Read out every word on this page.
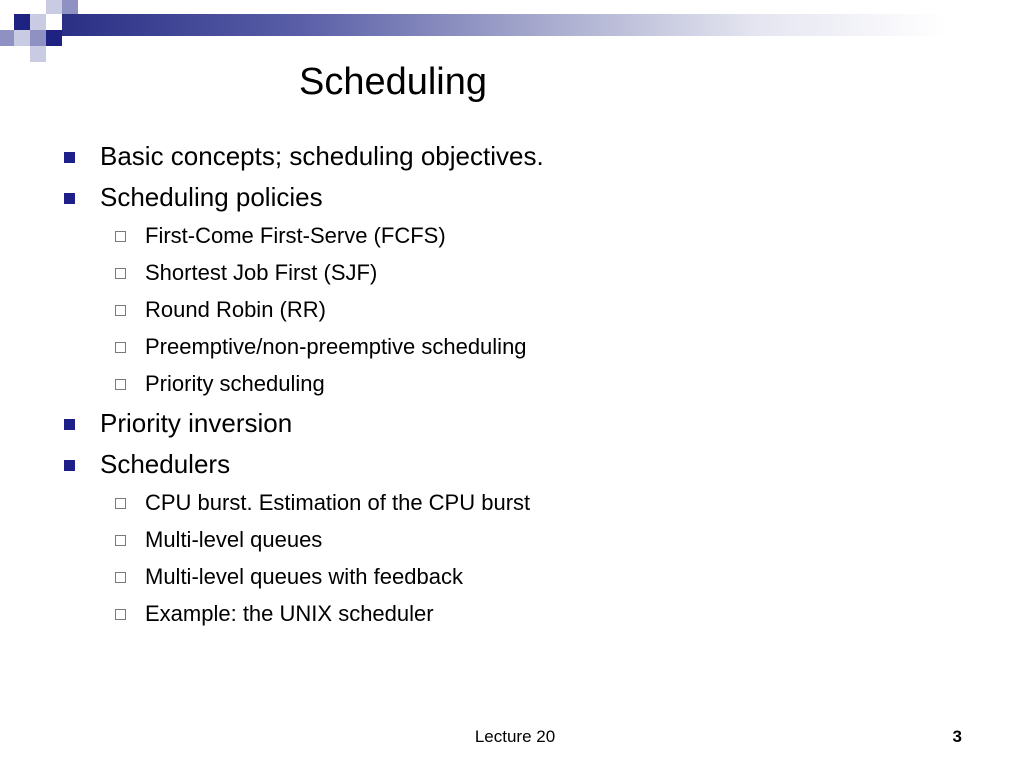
Scheduling
Basic concepts; scheduling objectives.
Scheduling policies
First-Come First-Serve (FCFS)
Shortest Job First (SJF)
Round Robin (RR)
Preemptive/non-preemptive scheduling
Priority scheduling
Priority inversion
Schedulers
CPU burst. Estimation of the CPU burst
Multi-level queues
Multi-level queues with feedback
Example: the UNIX scheduler
Lecture 20	3
